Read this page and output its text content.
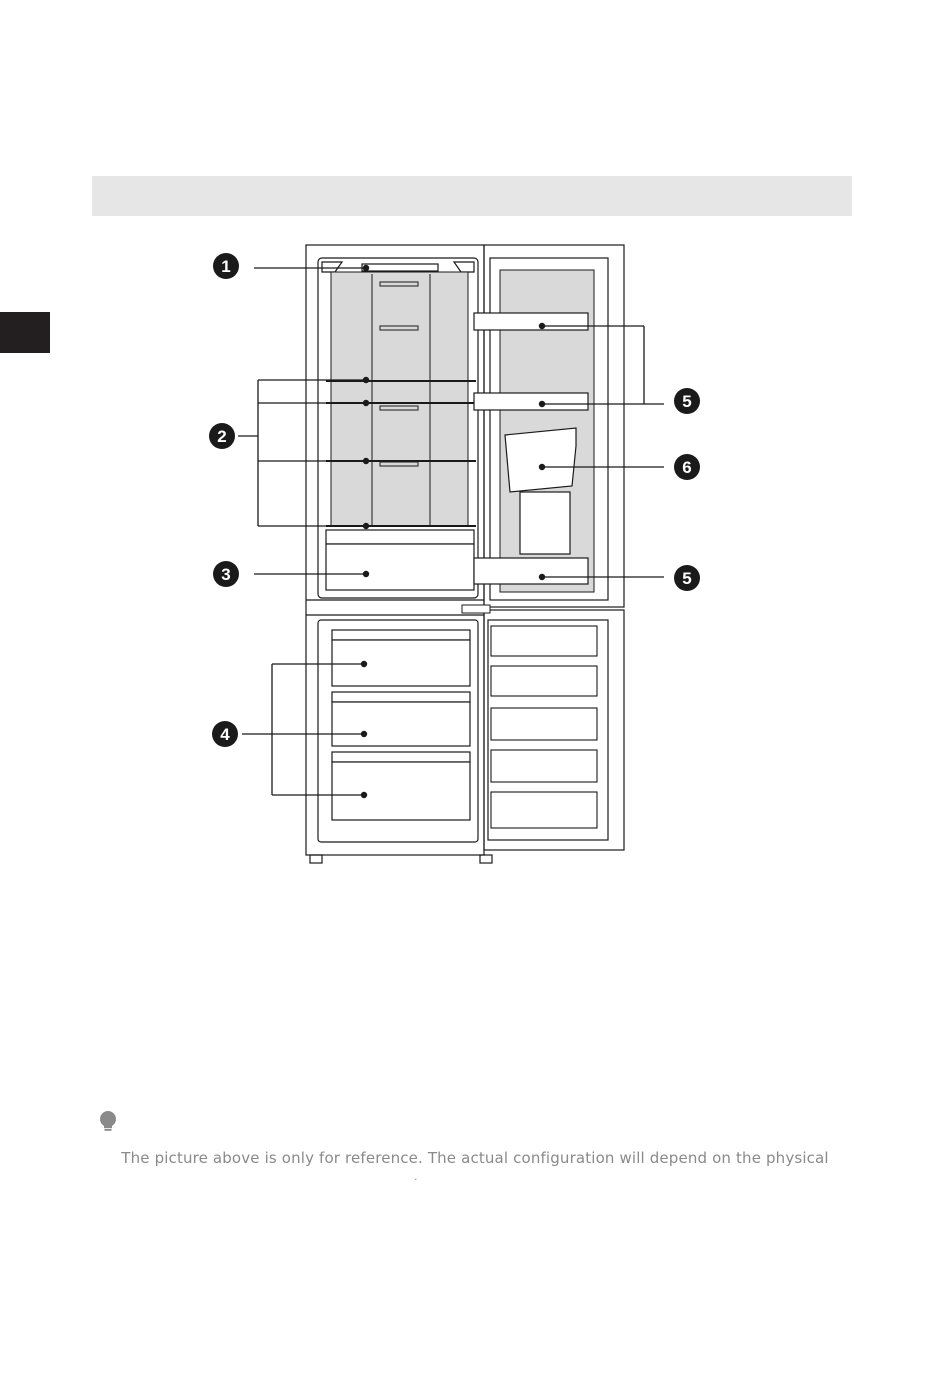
1
2
3
4
5
6
5
The picture above is only for reference. The actual configuration will depend on the physical
.
